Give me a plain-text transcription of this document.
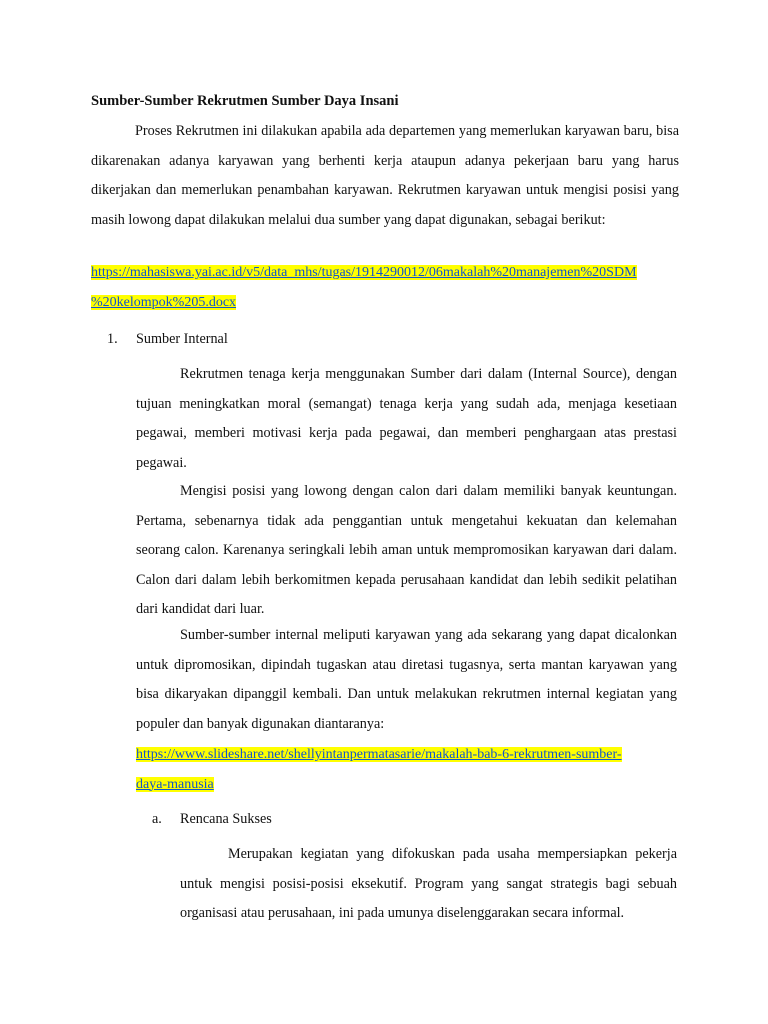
Sumber-Sumber Rekrutmen Sumber Daya Insani

Proses Rekrutmen ini dilakukan apabila ada departemen yang memerlukan karyawan baru, bisa dikarenakan adanya karyawan yang berhenti kerja ataupun adanya pekerjaan baru yang harus dikerjakan dan memerlukan penambahan karyawan. Rekrutmen karyawan untuk mengisi posisi yang masih lowong dapat dilakukan melalui dua sumber yang dapat digunakan, sebagai berikut:

https://mahasiswa.yai.ac.id/v5/data_mhs/tugas/1914290012/06makalah%20manajemen%20SDM
%20kelompok%205.docx

1. Sumber Internal

Rekrutmen tenaga kerja menggunakan Sumber dari dalam (Internal Source), dengan tujuan meningkatkan moral (semangat) tenaga kerja yang sudah ada, menjaga kesetiaan pegawai, memberi motivasi kerja pada pegawai, dan memberi penghargaan atas prestasi pegawai.

Mengisi posisi yang lowong dengan calon dari dalam memiliki banyak keuntungan. Pertama, sebenarnya tidak ada penggantian untuk mengetahui kekuatan dan kelemahan seorang calon. Karenanya seringkali lebih aman untuk mempromosikan karyawan dari dalam. Calon dari dalam lebih berkomitmen kepada perusahaan kandidat dan lebih sedikit pelatihan dari kandidat dari luar.

Sumber-sumber internal meliputi karyawan yang ada sekarang yang dapat dicalonkan untuk dipromosikan, dipindah tugaskan atau diretasi tugasnya, serta mantan karyawan yang bisa dikaryakan dipanggil kembali. Dan untuk melakukan rekrutmen internal kegiatan yang populer dan banyak digunakan diantaranya:

https://www.slideshare.net/shellyintanpermatasarie/makalah-bab-6-rekrutmen-sumber-
daya-manusia

a. Rencana Sukses

Merupakan kegiatan yang difokuskan pada usaha mempersiapkan pekerja untuk mengisi posisi-posisi eksekutif. Program yang sangat strategis bagi sebuah organisasi atau perusahaan, ini pada umunya diselenggarakan secara informal.
